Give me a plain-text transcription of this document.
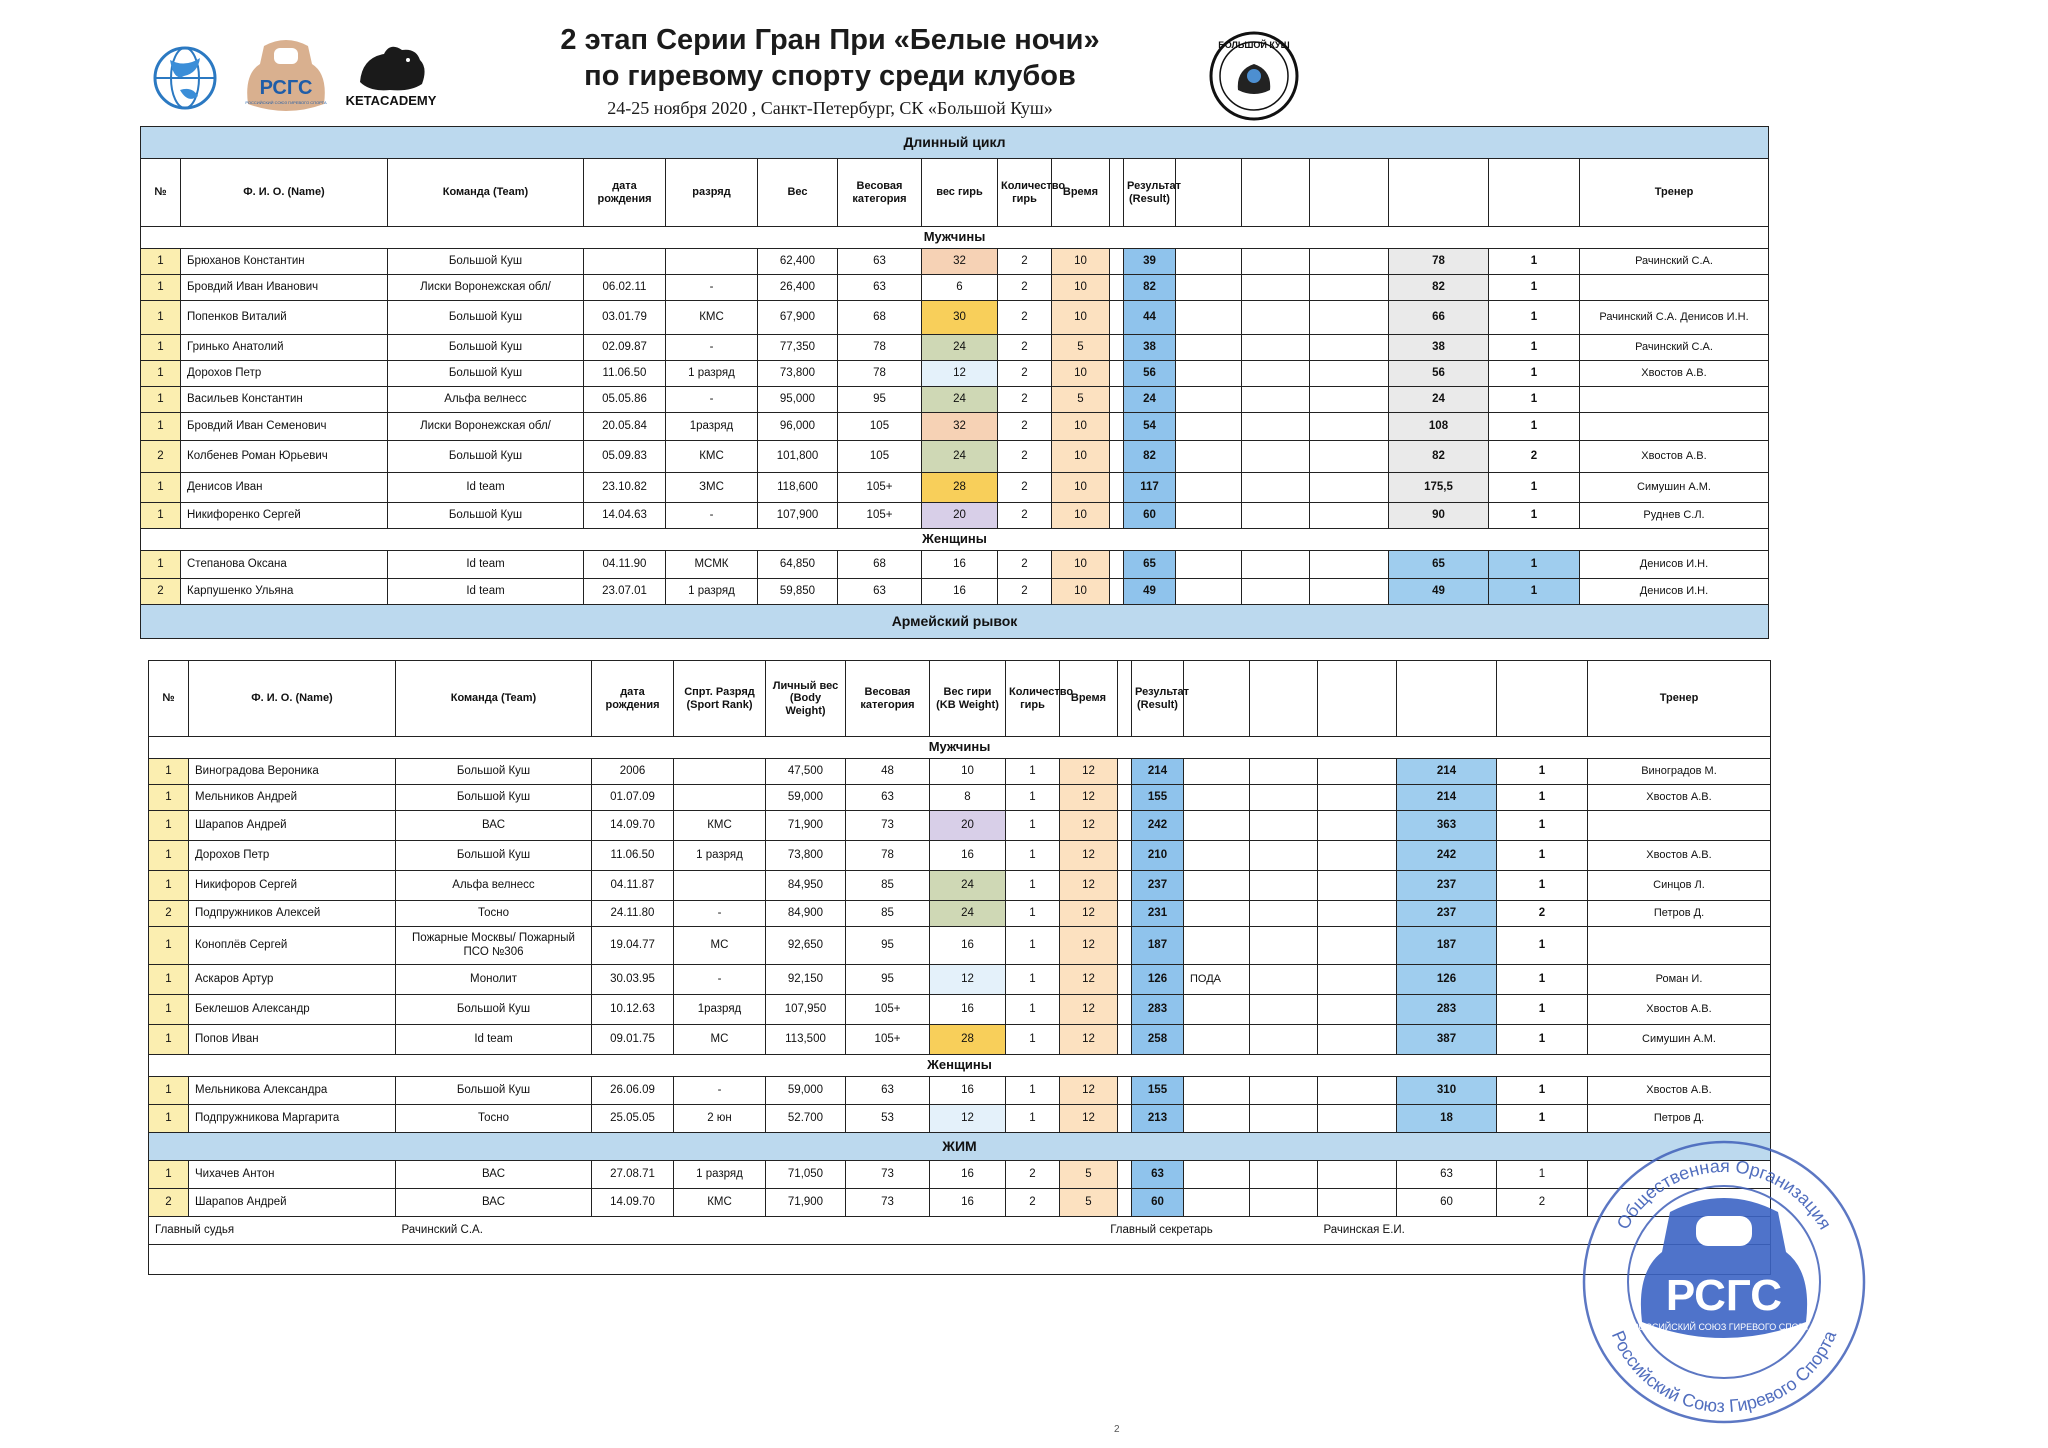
РСГС
РОССИЙСКИЙ СОЮЗ ГИРЕВОГО СПОРТА KETACADEMY
БОЛЬШОЙ КУШ
2 этап Серии Гран При «Белые ночи»
по гиревому спорту среди клубов
24-25 ноября 2020 , Санкт-Петербург, СК «Большой Куш»
Длинный цикл																	
№	Ф. И. О. (Name)	Команда (Team)	дата рождения	разряд	Вес	Весовая категория	вес гирь	Количество гирь	Время		Результат (Result)						Тренер
Мужчины																	
1	Брюханов Константин	Большой Куш			62,400	63	32	2	10		39				78	1	Рачинский С.А.
1	Бровдий Иван Иванович	Лиски Воронежская обл/	06.02.11	-	26,400	63	6	2	10		82				82	1	
1	Попенков Виталий	Большой Куш	03.01.79	КМС	67,900	68	30	2	10		44				66	1	Рачинский С.А. Денисов И.Н.
1	Гринько Анатолий	Большой Куш	02.09.87	-	77,350	78	24	2	5		38				38	1	Рачинский С.А.
1	Дорохов Петр	Большой Куш	11.06.50	1 разряд	73,800	78	12	2	10		56				56	1	Хвостов А.В.
1	Васильев Константин	Альфа велнесс	05.05.86	-	95,000	95	24	2	5		24				24	1	
1	Бровдий Иван Семенович	Лиски Воронежская обл/	20.05.84	1разряд	96,000	105	32	2	10		54				108	1	
2	Колбенев Роман Юрьевич	Большой Куш	05.09.83	КМС	101,800	105	24	2	10		82				82	2	Хвостов А.В.
1	Денисов Иван	Id team	23.10.82	ЗМС	118,600	105+	28	2	10		117				175,5	1	Симушин А.М.
1	Никифоренко Сергей	Большой Куш	14.04.63	-	107,900	105+	20	2	10		60				90	1	Руднев С.Л.
Женщины																	
1	Степанова Оксана	Id team	04.11.90	МСМК	64,850	68	16	2	10		65				65	1	Денисов И.Н.
2	Карпушенко Ульяна	Id team	23.07.01	1 разряд	59,850	63	16	2	10		49				49	1	Денисов И.Н.
Армейский рывок																	
№	Ф. И. О. (Name)	Команда (Team)	дата рождения	Спрт. Разряд (Sport Rank)	Личный вес (Body Weight)	Весовая категория	Вес гири (KB Weight)	Количество гирь	Время		Результат (Result)						Тренер
Мужчины																	
1	Виноградова Вероника	Большой Куш	2006		47,500	48	10	1	12		214				214	1	Виноградов М.
1	Мельников Андрей	Большой Куш	01.07.09		59,000	63	8	1	12		155				214	1	Хвостов А.В.
1	Шарапов Андрей	ВАС	14.09.70	КМС	71,900	73	20	1	12		242				363	1	
1	Дорохов Петр	Большой Куш	11.06.50	1 разряд	73,800	78	16	1	12		210				242	1	Хвостов А.В.
1	Никифоров Сергей	Альфа велнесс	04.11.87		84,950	85	24	1	12		237				237	1	Синцов Л.
2	Подпружников Алексей	Тосно	24.11.80	-	84,900	85	24	1	12		231				237	2	Петров Д.
1	Коноплёв Сергей	Пожарные Москвы/ Пожарный ПСО №306	19.04.77	МС	92,650	95	16	1	12		187				187	1	
1	Аскаров Артур	Монолит	30.03.95	-	92,150	95	12	1	12		126	ПОДА			126	1	Роман И.
1	Беклешов Александр	Большой Куш	10.12.63	1разряд	107,950	105+	16	1	12		283				283	1	Хвостов А.В.
1	Попов Иван	Id team	09.01.75	МС	113,500	105+	28	1	12		258				387	1	Симушин А.М.
Женщины																	
1	Мельникова Александра	Большой Куш	26.06.09	-	59,000	63	16	1	12		155				310	1	Хвостов А.В.
1	Подпружникова Маргарита	Тосно	25.05.05	2 юн	52.700	53	12	1	12		213				18	1	Петров Д.
ЖИМ																	
1	Чихачев Антон	ВАС	27.08.71	1 разряд	71,050	73	16	2	5		63				63	1	
2	Шарапов Андрей	ВАС	14.09.70	КМС	71,900	73	16	2	5		60				60	2	
Главный судья		Рачинский С.А.						Главный секретарь						Рачинская Е.И.				Общественная Организация
Российский Союз Гиревого Спорта
РСГС
РОССИЙСКИЙ СОЮЗ ГИРЕВОГО СПОРТА
2
